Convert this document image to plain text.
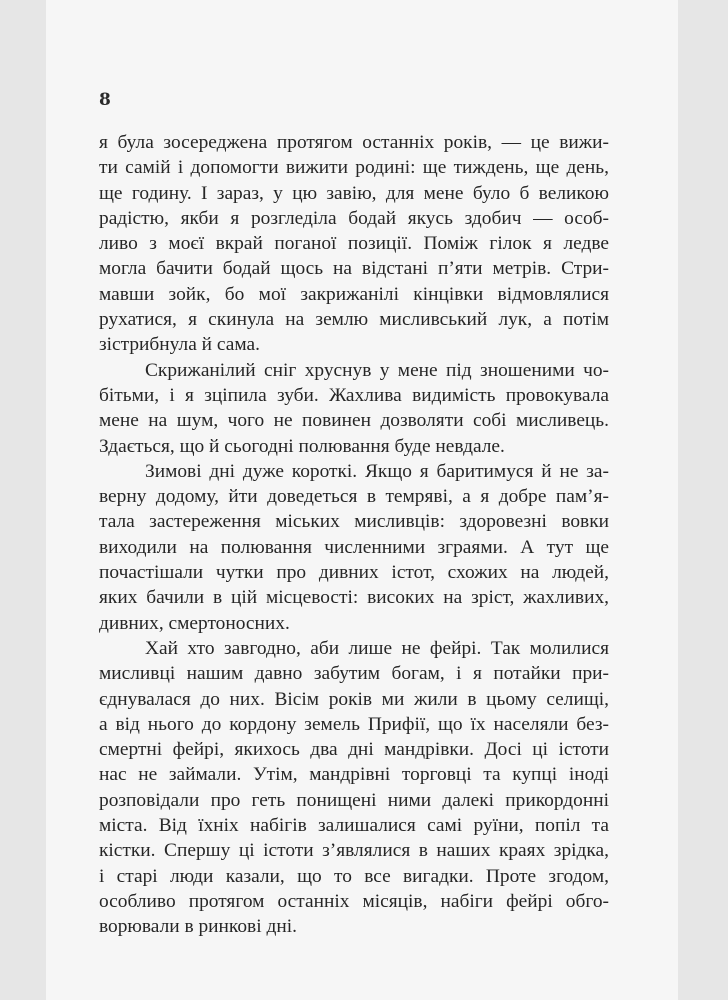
8
я була зосереджена протягом останніх років, — це вижи-
ти самій і допомогти вижити родині: ще тиждень, ще день,
ще годину. І зараз, у цю завію, для мене було б великою
радістю, якби я розгледіла бодай якусь здобич — особ-
ливо з моєї вкрай поганої позиції. Поміж гілок я ледве
могла бачити бодай щось на відстані п’яти метрів. Стри-
мавши зойк, бо мої закрижанілі кінцівки відмовлялися
рухатися, я скинула на землю мисливський лук, а потім
зістрибнула й сама.
Скрижанілий сніг хруснув у мене під зношеними чо-
бітьми, і я зціпила зуби. Жахлива видимість провокувала
мене на шум, чого не повинен дозволяти собі мисливець.
Здається, що й сьогодні полювання буде невдале.
Зимові дні дуже короткі. Якщо я баритимуся й не за-
верну додому, йти доведеться в темряві, а я добре пам’я-
тала застереження міських мисливців: здоровезні вовки
виходили на полювання численними зграями. А тут ще
почастішали чутки про дивних істот, схожих на людей,
яких бачили в цій місцевості: високих на зріст, жахливих,
дивних, смертоносних.
Хай хто завгодно, аби лише не фейрі. Так молилися
мисливці нашим давно забутим богам, і я потайки при-
єднувалася до них. Вісім років ми жили в цьому селищі,
а від нього до кордону земель Прифії, що їх населяли без-
смертні фейрі, якихось два дні мандрівки. Досі ці істоти
нас не займали. Утім, мандрівні торговці та купці іноді
розповідали про геть понищені ними далекі прикордонні
міста. Від їхніх набігів залишалися самі руїни, попіл та
кістки. Спершу ці істоти з’являлися в наших краях зрідка,
і старі люди казали, що то все вигадки. Проте згодом,
особливо протягом останніх місяців, набіги фейрі обго-
ворювали в ринкові дні.
